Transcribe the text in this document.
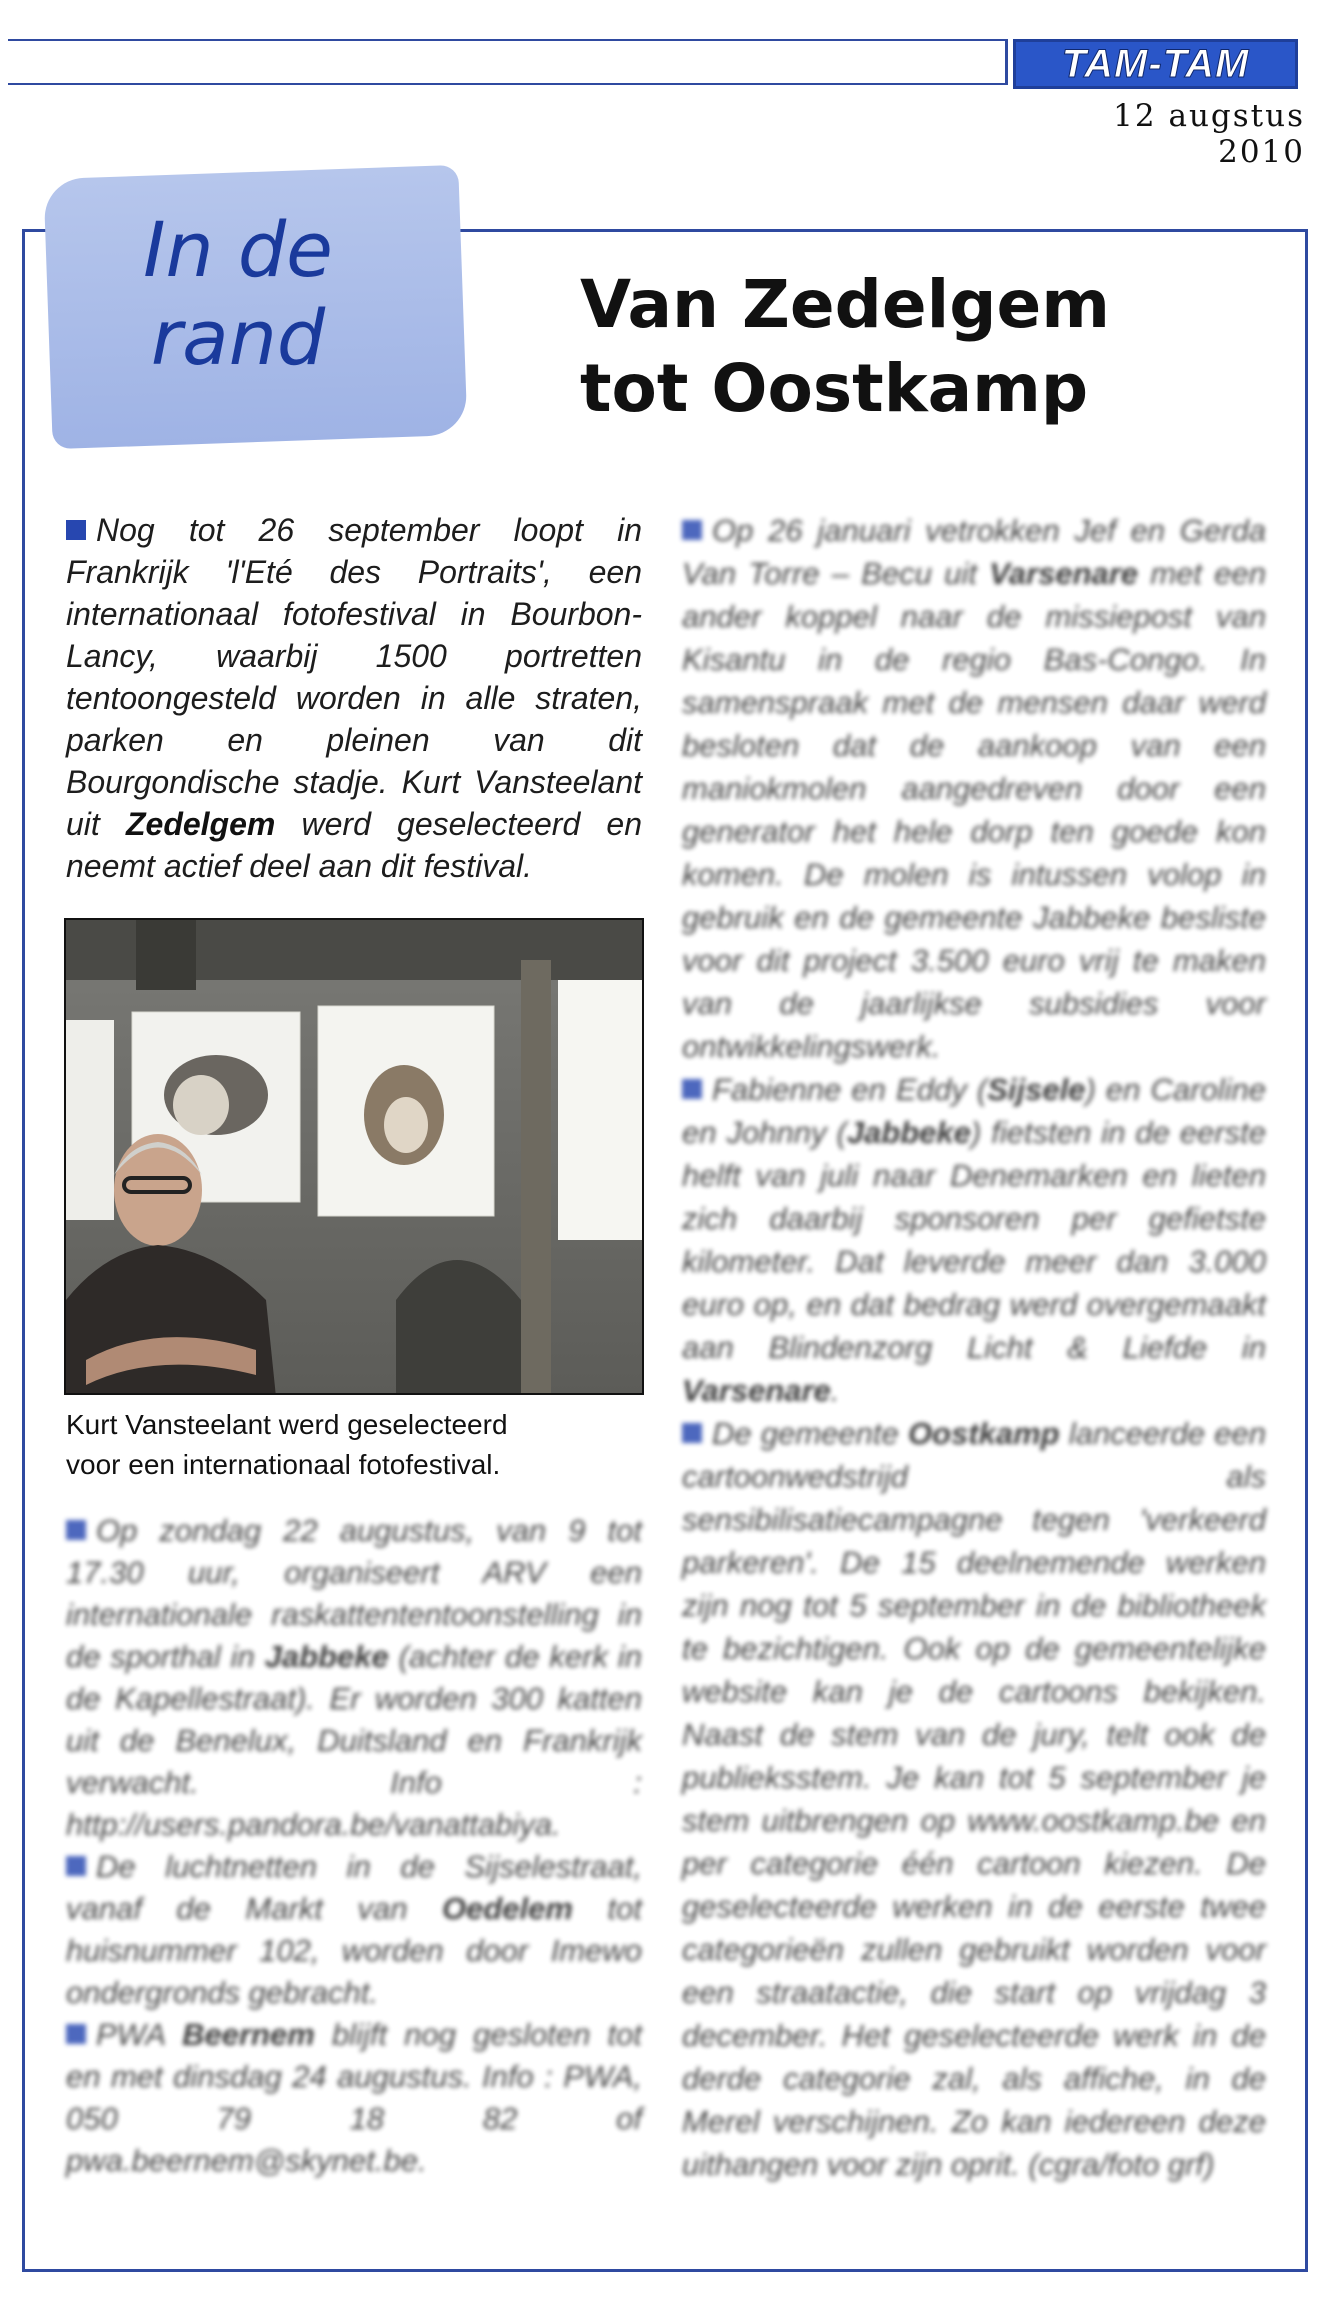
TAM-TAM
12 augstus 2010
In de
rand	Van Zedelgem
tot Oostkamp

Nog tot 26 september loopt in Frankrijk 'l'Eté des Portraits', een internationaal fotofestival in Bourbon-Lancy, waarbij 1500 portretten tentoongesteld worden in alle straten, parken en pleinen van dit Bourgondische stadje. Kurt Vansteelant uit Zedelgem werd geselecteerd en neemt actief deel aan dit festival.

Kurt Vansteelant werd geselecteerd
voor een internationaal fotofestival.

Op zondag 22 augustus, van 9 tot 17.30 uur, organiseert ARV een internationale raskattententoonstelling in de sporthal in Jabbeke (achter de kerk in de Kapellestraat). Er worden 300 katten uit de Benelux, Duitsland en Frankrijk verwacht. Info : http://users.pandora.be/vanattabiya.

De luchtnetten in de Sijselestraat, vanaf de Markt van Oedelem tot huisnummer 102, worden door Imewo ondergronds gebracht.

PWA Beernem blijft nog gesloten tot en met dinsdag 24 augustus. Info : PWA, 050 79 18 82 of pwa.beernem@skynet.be.

Op 26 januari vetrokken Jef en Gerda Van Torre – Becu uit Varsenare met een ander koppel naar de missiepost van Kisantu in de regio Bas-Congo. In samenspraak met de mensen daar werd besloten dat de aankoop van een maniokmolen aangedreven door een generator het hele dorp ten goede kon komen. De molen is intussen volop in gebruik en de gemeente Jabbeke besliste voor dit project 3.500 euro vrij te maken van de jaarlijkse subsidies voor ontwikkelingswerk.

Fabienne en Eddy (Sijsele) en Caroline en Johnny (Jabbeke) fietsten in de eerste helft van juli naar Denemarken en lieten zich daarbij sponsoren per gefietste kilometer. Dat leverde meer dan 3.000 euro op, en dat bedrag werd overgemaakt aan Blindenzorg Licht & Liefde in Varsenare.

De gemeente Oostkamp lanceerde een cartoonwedstrijd als sensibilisatiecampagne tegen 'verkeerd parkeren'. De 15 deelnemende werken zijn nog tot 5 september in de bibliotheek te bezichtigen. Ook op de gemeentelijke website kan je de cartoons bekijken. Naast de stem van de jury, telt ook de publieksstem. Je kan tot 5 september je stem uitbrengen op www.oostkamp.be en per categorie één cartoon kiezen. De geselecteerde werken in de eerste twee categorieën zullen gebruikt worden voor een straatactie, die start op vrijdag 3 december. Het geselecteerde werk in de derde categorie zal, als affiche, in de Merel verschijnen. Zo kan iedereen deze uithangen voor zijn oprit. (cgra/foto grf)
